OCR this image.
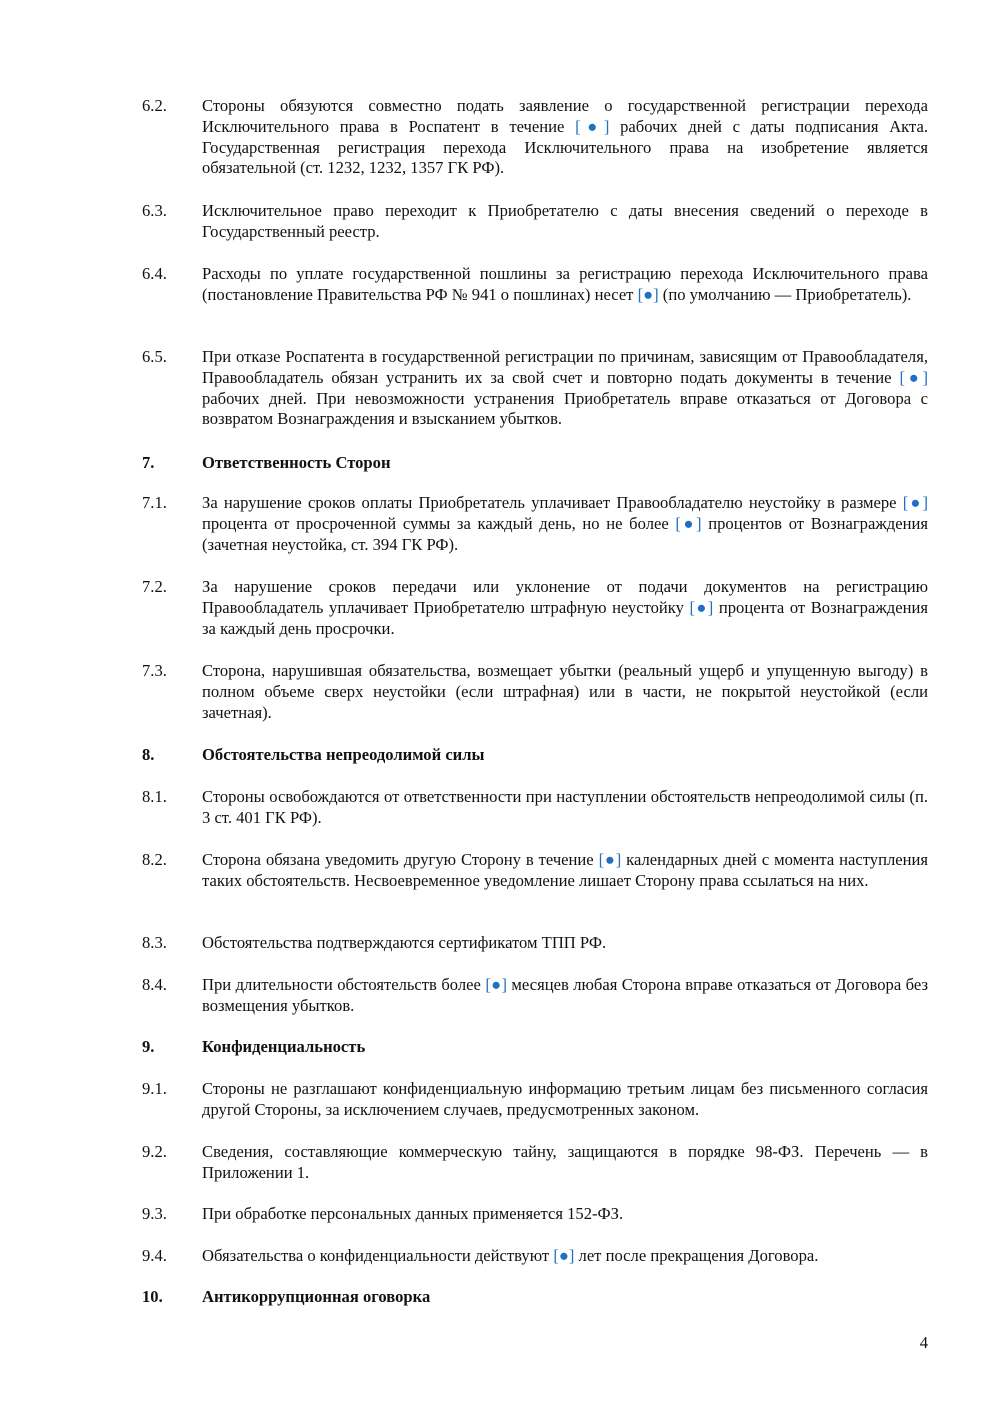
6.2.	Стороны обязуются совместно подать заявление о государственной регистрации перехода Исключительного права в Роспатент в течение [●] рабочих дней с даты подписания Акта. Государственная регистрация перехода Исключительного права на изобретение является обязательной (ст. 1232, 1232, 1357 ГК РФ).
6.3.	Исключительное право переходит к Приобретателю с даты внесения сведений о переходе в Государственный реестр.
6.4.	Расходы по уплате государственной пошлины за регистрацию перехода Исключительного права (постановление Правительства РФ № 941 о пошлинах) несет [●] (по умолчанию — Приобретатель).
6.5.	При отказе Роспатента в государственной регистрации по причинам, зависящим от Правообладателя, Правообладатель обязан устранить их за свой счет и повторно подать документы в течение [●] рабочих дней. При невозможности устранения Приобретатель вправе отказаться от Договора с возвратом Вознаграждения и взысканием убытков.
7.	Ответственность Сторон
7.1.	За нарушение сроков оплаты Приобретатель уплачивает Правообладателю неустойку в размере [●] процента от просроченной суммы за каждый день, но не более [●] процентов от Вознаграждения (зачетная неустойка, ст. 394 ГК РФ).
7.2.	За нарушение сроков передачи или уклонение от подачи документов на регистрацию Правообладатель уплачивает Приобретателю штрафную неустойку [●] процента от Вознаграждения за каждый день просрочки.
7.3.	Сторона, нарушившая обязательства, возмещает убытки (реальный ущерб и упущенную выгоду) в полном объеме сверх неустойки (если штрафная) или в части, не покрытой неустойкой (если зачетная).
8.	Обстоятельства непреодолимой силы
8.1.	Стороны освобождаются от ответственности при наступлении обстоятельств непреодолимой силы (п. 3 ст. 401 ГК РФ).
8.2.	Сторона обязана уведомить другую Сторону в течение [●] календарных дней с момента наступления таких обстоятельств. Несвоевременное уведомление лишает Сторону права ссылаться на них.
8.3.	Обстоятельства подтверждаются сертификатом ТПП РФ.
8.4.	При длительности обстоятельств более [●] месяцев любая Сторона вправе отказаться от Договора без возмещения убытков.
9.	Конфиденциальность
9.1.	Стороны не разглашают конфиденциальную информацию третьим лицам без письменного согласия другой Стороны, за исключением случаев, предусмотренных законом.
9.2.	Сведения, составляющие коммерческую тайну, защищаются в порядке 98-ФЗ. Перечень — в Приложении 1.
9.3.	При обработке персональных данных применяется 152-ФЗ.
9.4.	Обязательства о конфиденциальности действуют [●] лет после прекращения Договора.
10.	Антикоррупционная оговорка
4
